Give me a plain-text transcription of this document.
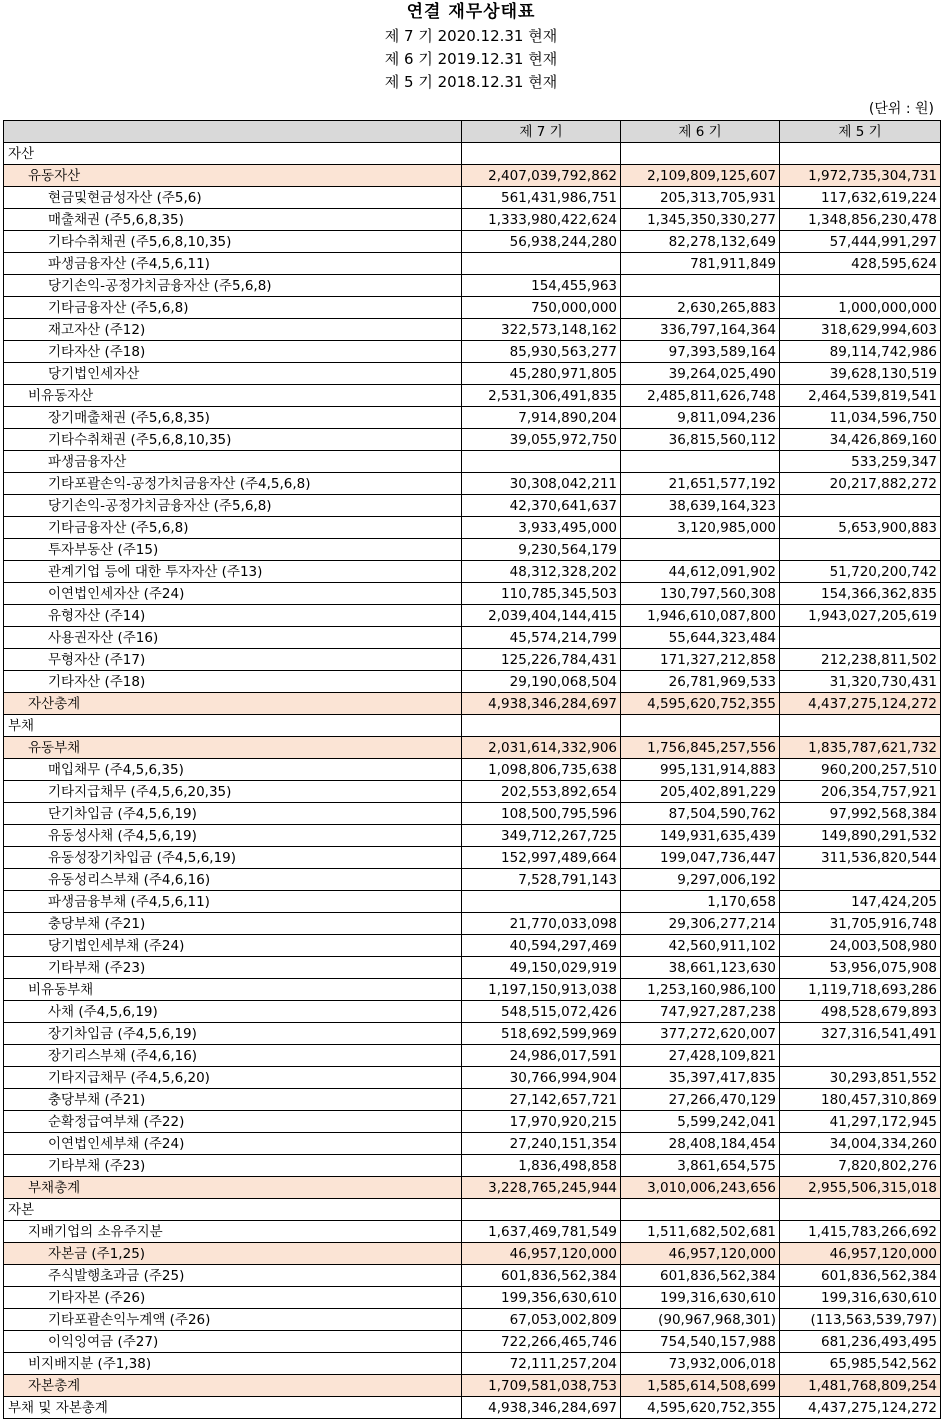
연결 재무상태표
제 7 기 2020.12.31 현재
제 6 기 2019.12.31 현재
제 5 기 2018.12.31 현재
(단위 : 원)
	제 7 기	제 6 기	제 5 기
자산			
유동자산	2,407,039,792,862	2,109,809,125,607	1,972,735,304,731
현금및현금성자산 (주5,6)	561,431,986,751	205,313,705,931	117,632,619,224
매출채권 (주5,6,8,35)	1,333,980,422,624	1,345,350,330,277	1,348,856,230,478
기타수취채권 (주5,6,8,10,35)	56,938,244,280	82,278,132,649	57,444,991,297
파생금융자산 (주4,5,6,11)		781,911,849	428,595,624
당기손익-공정가치금융자산 (주5,6,8)	154,455,963		
기타금융자산 (주5,6,8)	750,000,000	2,630,265,883	1,000,000,000
재고자산 (주12)	322,573,148,162	336,797,164,364	318,629,994,603
기타자산 (주18)	85,930,563,277	97,393,589,164	89,114,742,986
당기법인세자산	45,280,971,805	39,264,025,490	39,628,130,519
비유동자산	2,531,306,491,835	2,485,811,626,748	2,464,539,819,541
장기매출채권 (주5,6,8,35)	7,914,890,204	9,811,094,236	11,034,596,750
기타수취채권 (주5,6,8,10,35)	39,055,972,750	36,815,560,112	34,426,869,160
파생금융자산			533,259,347
기타포괄손익-공정가치금융자산 (주4,5,6,8)	30,308,042,211	21,651,577,192	20,217,882,272
당기손익-공정가치금융자산 (주5,6,8)	42,370,641,637	38,639,164,323	
기타금융자산 (주5,6,8)	3,933,495,000	3,120,985,000	5,653,900,883
투자부동산 (주15)	9,230,564,179		
관계기업 등에 대한 투자자산 (주13)	48,312,328,202	44,612,091,902	51,720,200,742
이연법인세자산 (주24)	110,785,345,503	130,797,560,308	154,366,362,835
유형자산 (주14)	2,039,404,144,415	1,946,610,087,800	1,943,027,205,619
사용권자산 (주16)	45,574,214,799	55,644,323,484	
무형자산 (주17)	125,226,784,431	171,327,212,858	212,238,811,502
기타자산 (주18)	29,190,068,504	26,781,969,533	31,320,730,431
자산총계	4,938,346,284,697	4,595,620,752,355	4,437,275,124,272
부채			
유동부채	2,031,614,332,906	1,756,845,257,556	1,835,787,621,732
매입채무 (주4,5,6,35)	1,098,806,735,638	995,131,914,883	960,200,257,510
기타지급채무 (주4,5,6,20,35)	202,553,892,654	205,402,891,229	206,354,757,921
단기차입금 (주4,5,6,19)	108,500,795,596	87,504,590,762	97,992,568,384
유동성사채 (주4,5,6,19)	349,712,267,725	149,931,635,439	149,890,291,532
유동성장기차입금 (주4,5,6,19)	152,997,489,664	199,047,736,447	311,536,820,544
유동성리스부채 (주4,6,16)	7,528,791,143	9,297,006,192	
파생금융부채 (주4,5,6,11)		1,170,658	147,424,205
충당부채 (주21)	21,770,033,098	29,306,277,214	31,705,916,748
당기법인세부채 (주24)	40,594,297,469	42,560,911,102	24,003,508,980
기타부채 (주23)	49,150,029,919	38,661,123,630	53,956,075,908
비유동부채	1,197,150,913,038	1,253,160,986,100	1,119,718,693,286
사채 (주4,5,6,19)	548,515,072,426	747,927,287,238	498,528,679,893
장기차입금 (주4,5,6,19)	518,692,599,969	377,272,620,007	327,316,541,491
장기리스부채 (주4,6,16)	24,986,017,591	27,428,109,821	
기타지급채무 (주4,5,6,20)	30,766,994,904	35,397,417,835	30,293,851,552
충당부채 (주21)	27,142,657,721	27,266,470,129	180,457,310,869
순확정급여부채 (주22)	17,970,920,215	5,599,242,041	41,297,172,945
이연법인세부채 (주24)	27,240,151,354	28,408,184,454	34,004,334,260
기타부채 (주23)	1,836,498,858	3,861,654,575	7,820,802,276
부채총계	3,228,765,245,944	3,010,006,243,656	2,955,506,315,018
자본			
지배기업의 소유주지분	1,637,469,781,549	1,511,682,502,681	1,415,783,266,692
자본금 (주1,25)	46,957,120,000	46,957,120,000	46,957,120,000
주식발행초과금 (주25)	601,836,562,384	601,836,562,384	601,836,562,384
기타자본 (주26)	199,356,630,610	199,316,630,610	199,316,630,610
기타포괄손익누계액 (주26)	67,053,002,809	(90,967,968,301)	(113,563,539,797)
이익잉여금 (주27)	722,266,465,746	754,540,157,988	681,236,493,495
비지배지분 (주1,38)	72,111,257,204	73,932,006,018	65,985,542,562
자본총계	1,709,581,038,753	1,585,614,508,699	1,481,768,809,254
부채 및 자본총계	4,938,346,284,697	4,595,620,752,355	4,437,275,124,272
